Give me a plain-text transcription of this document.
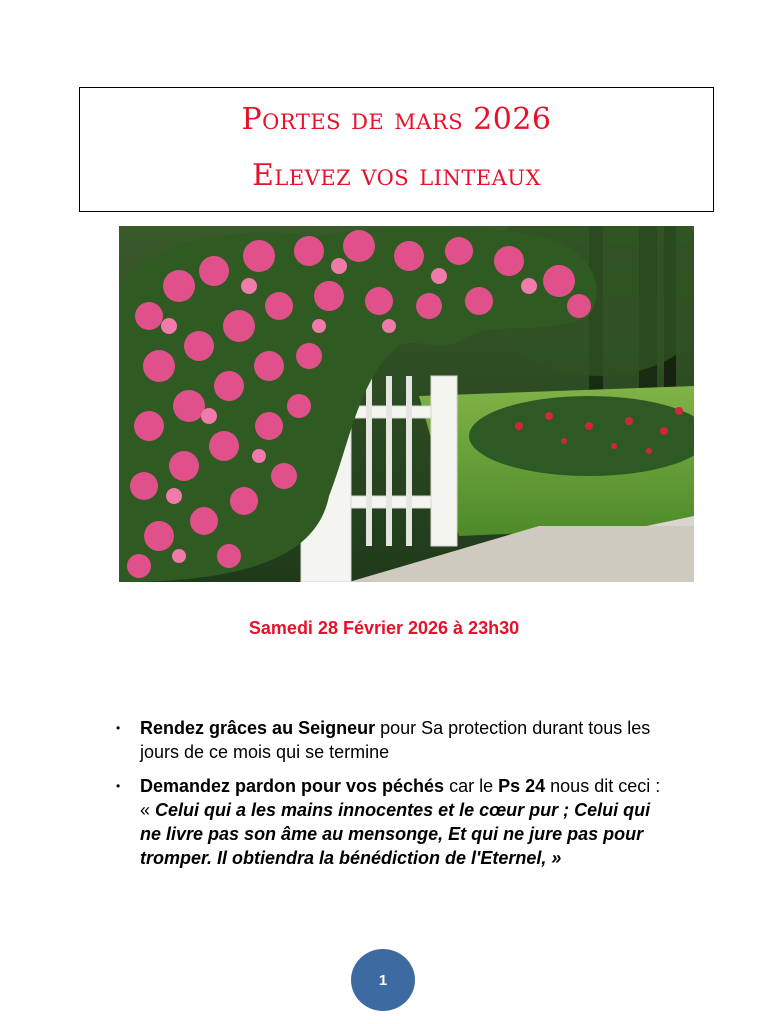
Portes de mars 2026

Elevez vos linteaux

Samedi 28 Février 2026 à 23h30
• Rendez grâces au Seigneur pour Sa protection durant tous les jours de ce mois qui se termine
• Demandez pardon pour vos péchés car le Ps 24 nous dit ceci : « Celui qui a les mains innocentes et le cœur pur ; Celui qui ne livre pas son âme au mensonge, Et qui ne jure pas pour tromper. Il obtiendra la bénédiction de l'Eternel, »
1
